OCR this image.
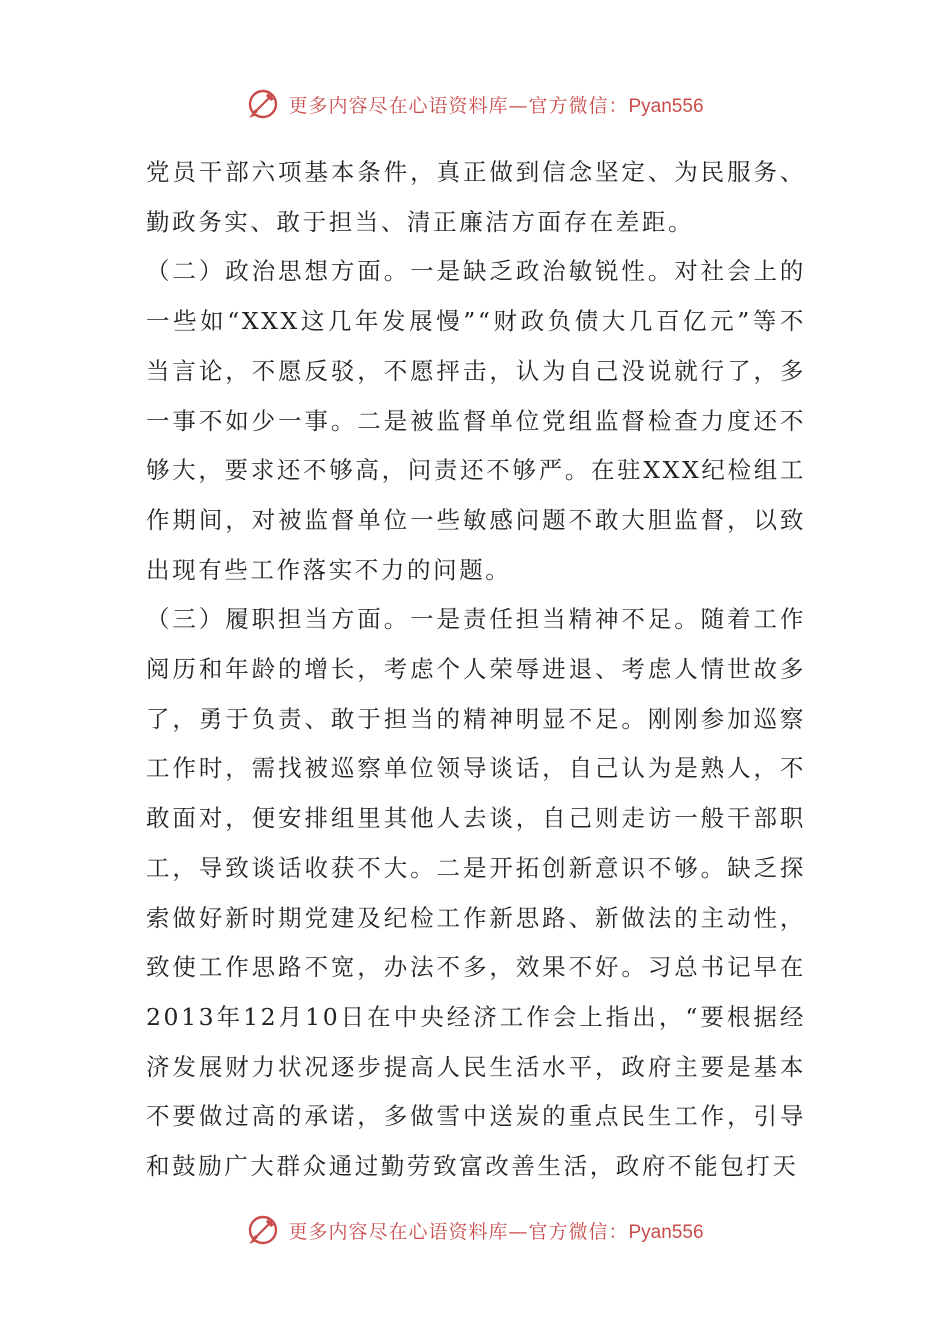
更多内容尽在心语资料库—官方微信：Pyan556

党员干部六项基本条件，真正做到信念坚定、为民服务、勤政务实、敢于担当、清正廉洁方面存在差距。

（二）政治思想方面。一是缺乏政治敏锐性。对社会上的一些如“XXX这几年发展慢”“财政负债大几百亿元”等不当言论，不愿反驳，不愿抨击，认为自己没说就行了，多一事不如少一事。二是被监督单位党组监督检查力度还不够大，要求还不够高，问责还不够严。在驻XXX纪检组工作期间，对被监督单位一些敏感问题不敢大胆监督，以致出现有些工作落实不力的问题。

（三）履职担当方面。一是责任担当精神不足。随着工作阅历和年龄的增长，考虑个人荣辱进退、考虑人情世故多了，勇于负责、敢于担当的精神明显不足。刚刚参加巡察工作时，需找被巡察单位领导谈话，自己认为是熟人，不敢面对，便安排组里其他人去谈，自己则走访一般干部职工，导致谈话收获不大。二是开拓创新意识不够。缺乏探索做好新时期党建及纪检工作新思路、新做法的主动性，致使工作思路不宽，办法不多，效果不好。习总书记早在2013年12月10日在中央经济工作会上指出，“要根据经济发展财力状况逐步提高人民生活水平，政府主要是基本不要做过高的承诺，多做雪中送炭的重点民生工作，引导和鼓励广大群众通过勤劳致富改善生活，政府不能包打天

更多内容尽在心语资料库—官方微信：Pyan556
